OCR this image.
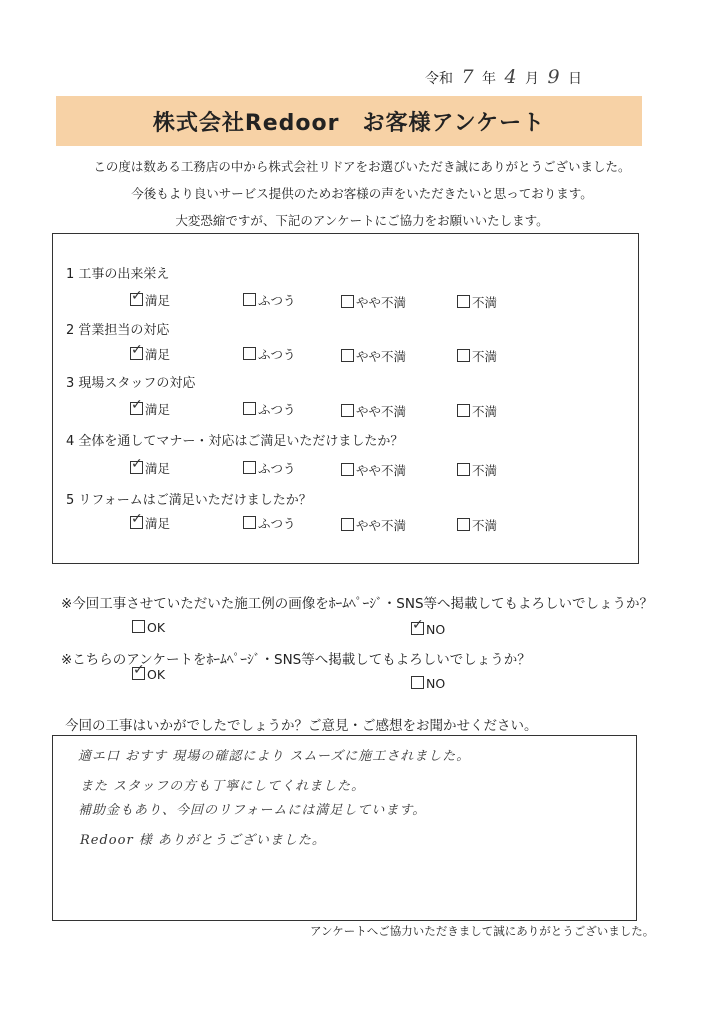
令和 7 年 4 月 9 日
株式会社Redoor　お客様アンケート
この度は数ある工務店の中から株式会社リドアをお選びいただき誠にありがとうございました。
今後もより良いサービス提供のためお客様の声をいただきたいと思っております。
大変恐縮ですが、下記のアンケートにご協力をお願いいたします。
1 工事の出来栄え
✓満足	ふつう	やや不満	不満
2 営業担当の対応
✓満足	ふつう	やや不満	不満
3 現場スタッフの対応
✓満足	ふつう	やや不満	不満
4 全体を通してマナー・対応はご満足いただけましたか？
✓満足	ふつう	やや不満	不満
5 リフォームはご満足いただけましたか？
✓満足	ふつう	やや不満	不満
※今回工事させていただいた施工例の画像をﾎｰﾑﾍﾟｰｼﾞ・SNS等へ掲載してもよろしいでしょうか？
OK
✓	NO
※こちらのアンケートをﾎｰﾑﾍﾟｰｼﾞ・SNS等へ掲載してもよろしいでしょうか？
✓OK
NO
今回の工事はいかがでしたでしょうか？ご意見・ご感想をお聞かせください。
適エ口 おすす 現場の確認により スムーズに施工されました。
また スタッフの方も丁寧にしてくれました。
補助金もあり、今回のリフォームには満足しています。
Redoor 様 ありがとうございました。
アンケートへご協力いただきまして誠にありがとうございました。
